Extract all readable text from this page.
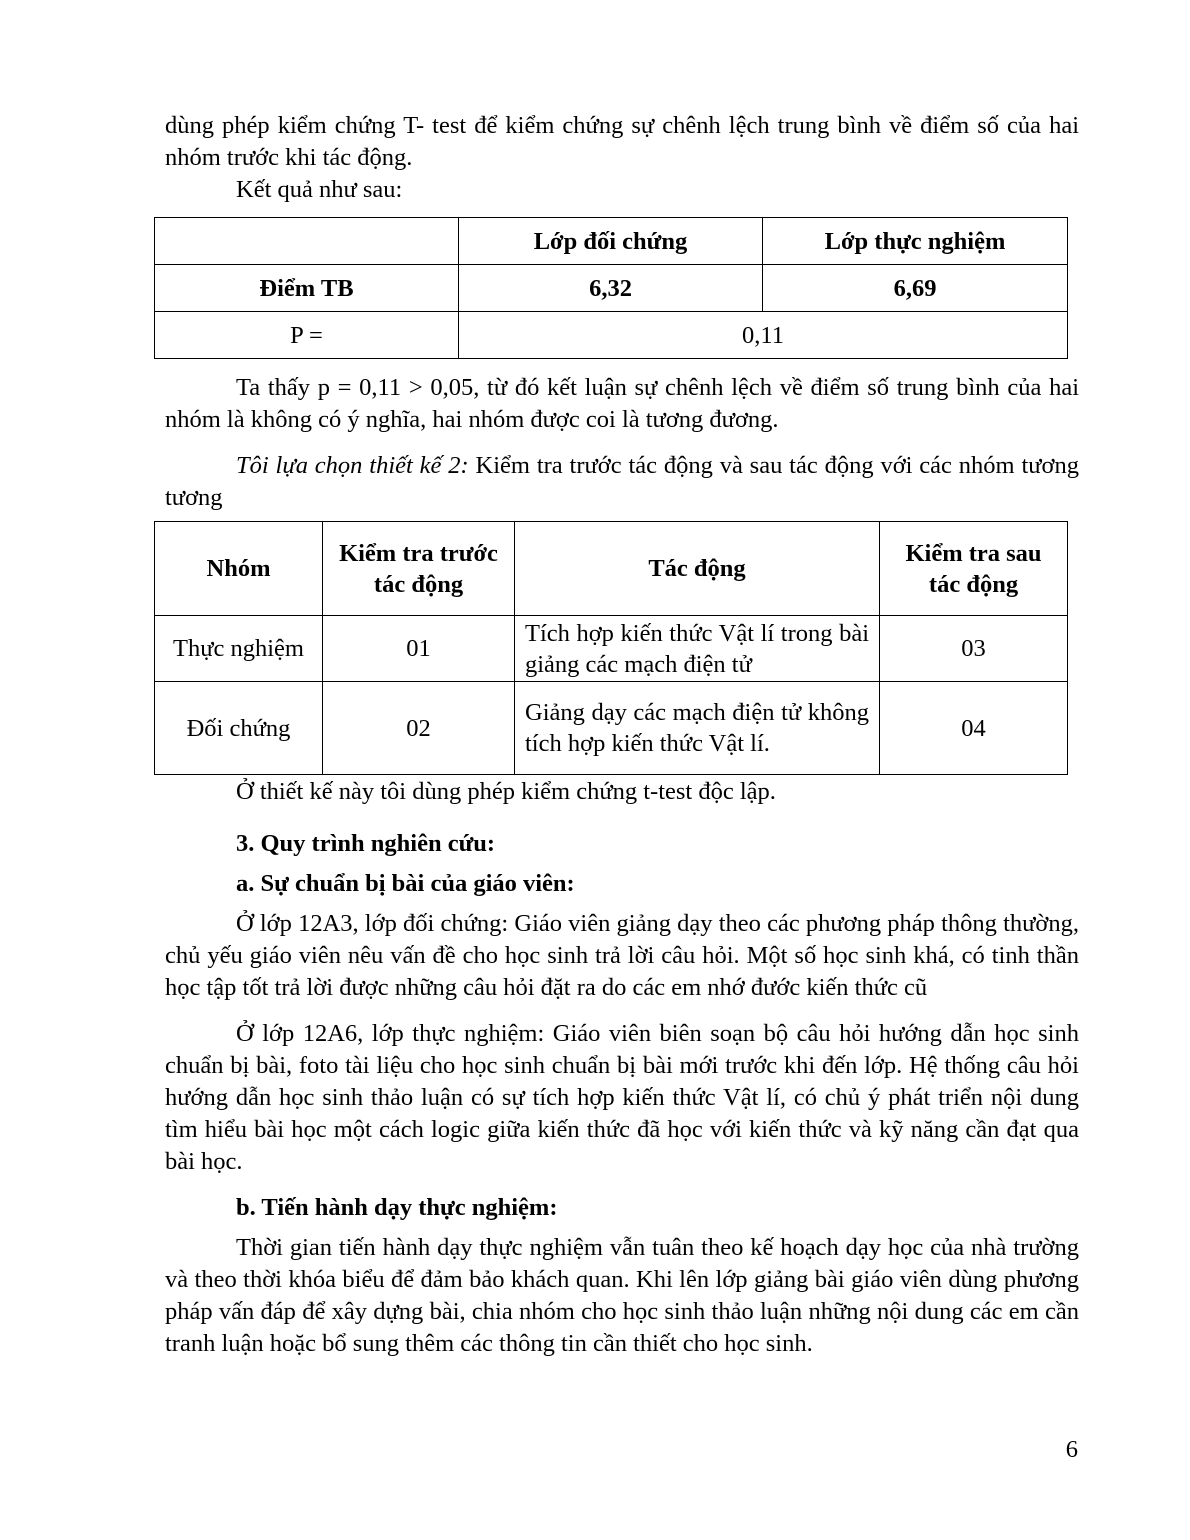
dùng phép kiểm chứng T- test để kiểm chứng sự chênh lệch trung bình về điểm số của hai nhóm trước khi tác động.

Kết quả như sau:

	Lớp đối chứng	Lớp thực nghiệm
Điểm TB	6,32	6,69
P =	0,11	

Ta thấy p = 0,11 > 0,05, từ đó kết luận sự chênh lệch về điểm số trung bình của hai nhóm là không có ý nghĩa, hai nhóm được coi là tương đương.

Tôi lựa chọn thiết kế 2: Kiểm tra trước tác động và sau tác động với các nhóm tương tương

Nhóm	Kiểm tra trước tác động	Tác động	Kiểm tra sau tác động
Thực nghiệm	01	Tích hợp kiến thức Vật lí trong bài giảng các mạch điện tử	03
Đối chứng	02	Giảng dạy các mạch điện tử không tích hợp kiến thức Vật lí.	04

Ở thiết kế này tôi dùng phép kiểm chứng t-test độc lập.

3. Quy trình nghiên cứu:

a. Sự chuẩn bị bài của giáo viên:

Ở lớp 12A3, lớp đối chứng: Giáo viên giảng dạy theo các phương pháp thông thường, chủ yếu giáo viên nêu vấn đề cho học sinh trả lời câu hỏi. Một số học sinh khá, có tinh thần học tập tốt trả lời được những câu hỏi đặt ra do các em nhớ đước kiến thức cũ

Ở lớp 12A6, lớp thực nghiệm: Giáo viên biên soạn bộ câu hỏi hướng dẫn học sinh chuẩn bị bài, foto tài liệu cho học sinh chuẩn bị bài mới trước khi đến lớp. Hệ thống câu hỏi hướng dẫn học sinh thảo luận có sự tích hợp kiến thức Vật lí, có chủ ý phát triển nội dung tìm hiểu bài học một cách logic giữa kiến thức đã học với kiến thức và kỹ năng cần đạt qua bài học.

b. Tiến hành dạy thực nghiệm:

Thời gian tiến hành dạy thực nghiệm vẫn tuân theo kế hoạch dạy học của nhà trường và theo thời khóa biểu để đảm bảo khách quan. Khi lên lớp giảng bài giáo viên dùng phương pháp vấn đáp để xây dựng bài, chia nhóm cho học sinh thảo luận những nội dung các em cần tranh luận hoặc bổ sung thêm các thông tin cần thiết cho học sinh.

6
